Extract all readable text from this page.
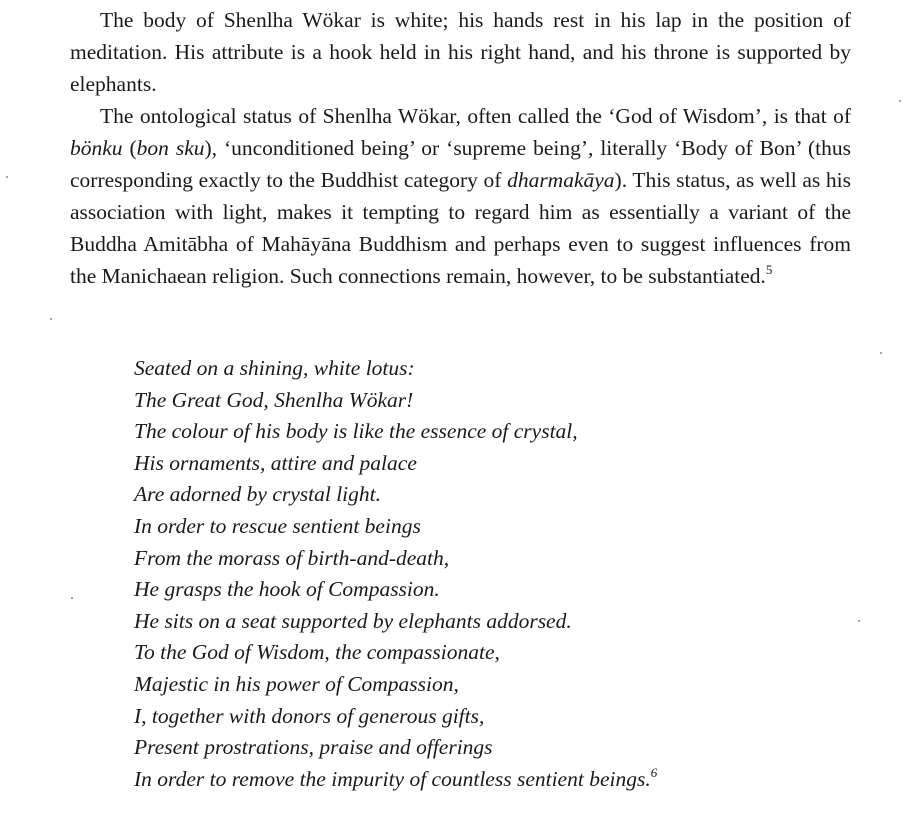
The body of Shenlha Wökar is white; his hands rest in his lap in the position of meditation. His attribute is a hook held in his right hand, and his throne is supported by elephants.

The ontological status of Shenlha Wökar, often called the ‘God of Wisdom’, is that of bönku (bon sku), ‘unconditioned being’ or ‘supreme being’, literally ‘Body of Bon’ (thus corresponding exactly to the Buddhist category of dharmakāya). This status, as well as his association with light, makes it tempting to regard him as essentially a variant of the Buddha Amitābha of Mahāyāna Buddhism and perhaps even to suggest influences from the Manichaean religion. Such connections remain, however, to be substantiated.$^5$

Seated on a shining, white lotus:
The Great God, Shenlha Wökar!
The colour of his body is like the essence of crystal,
His ornaments, attire and palace
Are adorned by crystal light.
In order to rescue sentient beings
From the morass of birth-and-death,
He grasps the hook of Compassion.
He sits on a seat supported by elephants addorsed.
To the God of Wisdom, the compassionate,
Majestic in his power of Compassion,
I, together with donors of generous gifts,
Present prostrations, praise and offerings
In order to remove the impurity of countless sentient beings.$^6$
